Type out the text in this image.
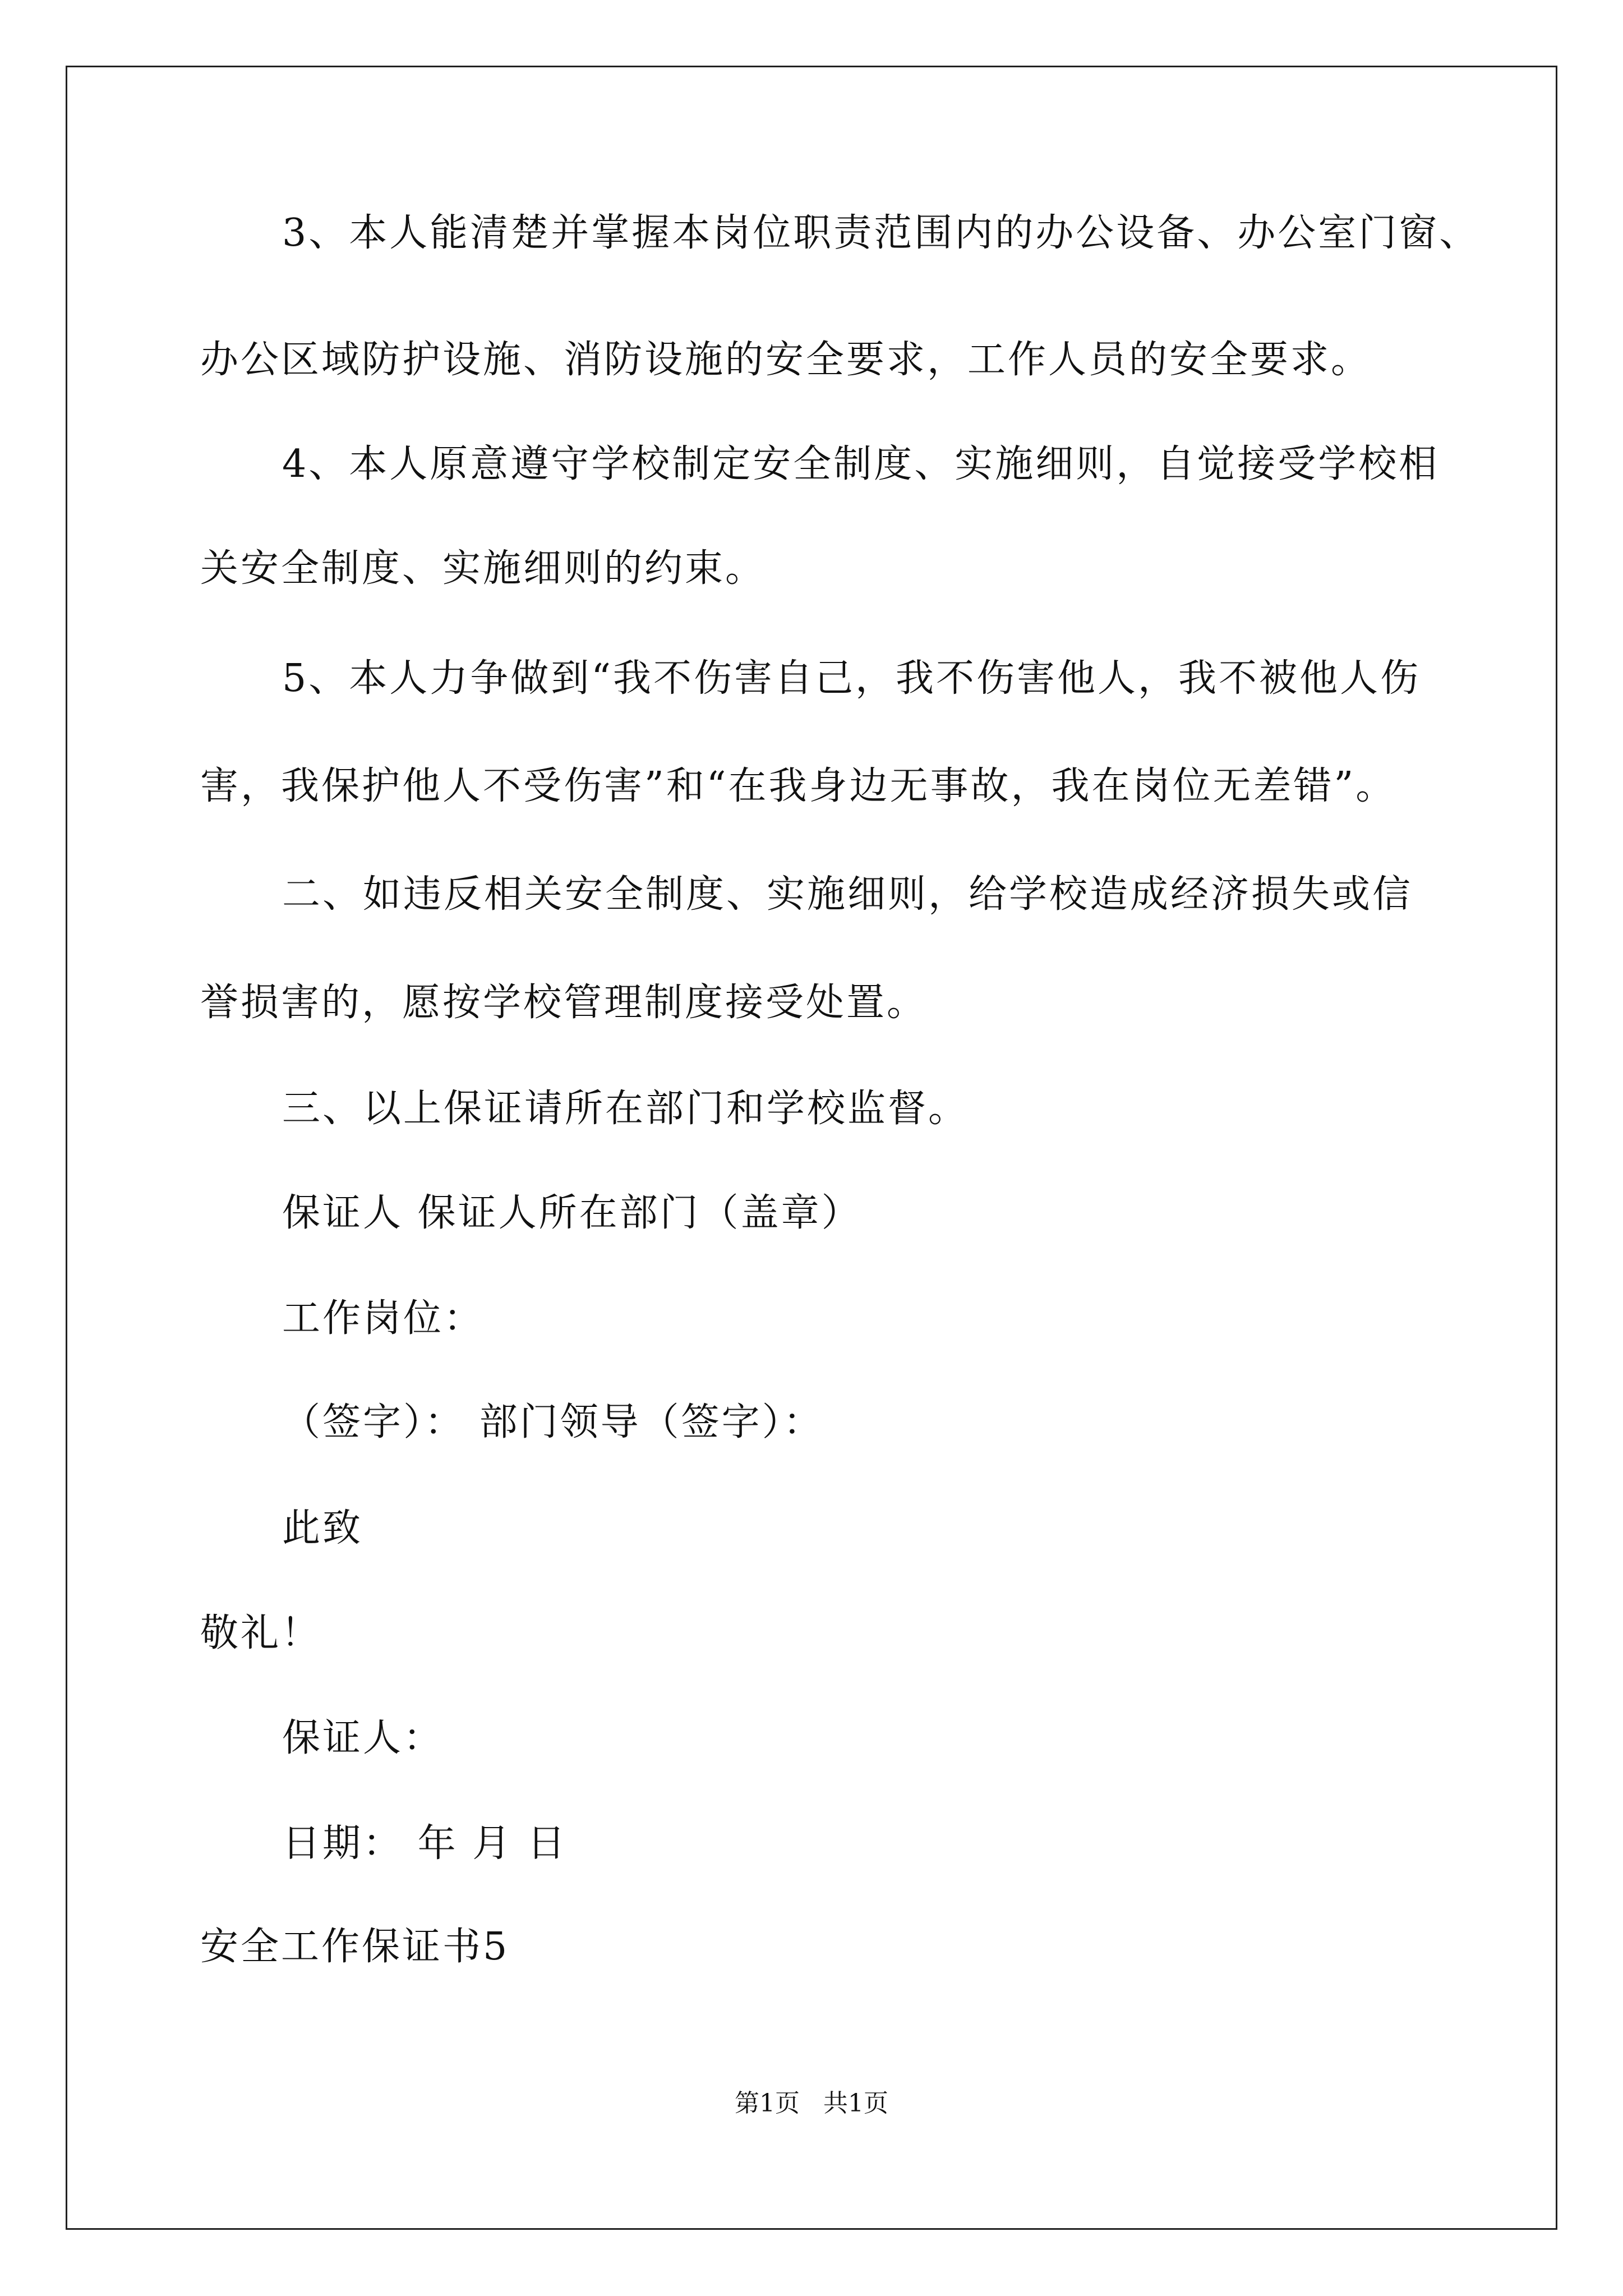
3、本人能清楚并掌握本岗位职责范围内的办公设备、办公室门窗、
办公区域防护设施、消防设施的安全要求，工作人员的安全要求。
4、本人原意遵守学校制定安全制度、实施细则，自觉接受学校相
关安全制度、实施细则的约束。
5、本人力争做到“我不伤害自己，我不伤害他人，我不被他人伤
害，我保护他人不受伤害”和“在我身边无事故，我在岗位无差错”。
二、如违反相关安全制度、实施细则，给学校造成经济损失或信
誉损害的，愿按学校管理制度接受处置。
三、以上保证请所在部门和学校监督。
保证人 保证人所在部门（盖章）
工作岗位：
（签字）： 部门领导（签字）：
此致
敬礼！
保证人：
日期： 年 月 日
安全工作保证书5
第1页   共1页
